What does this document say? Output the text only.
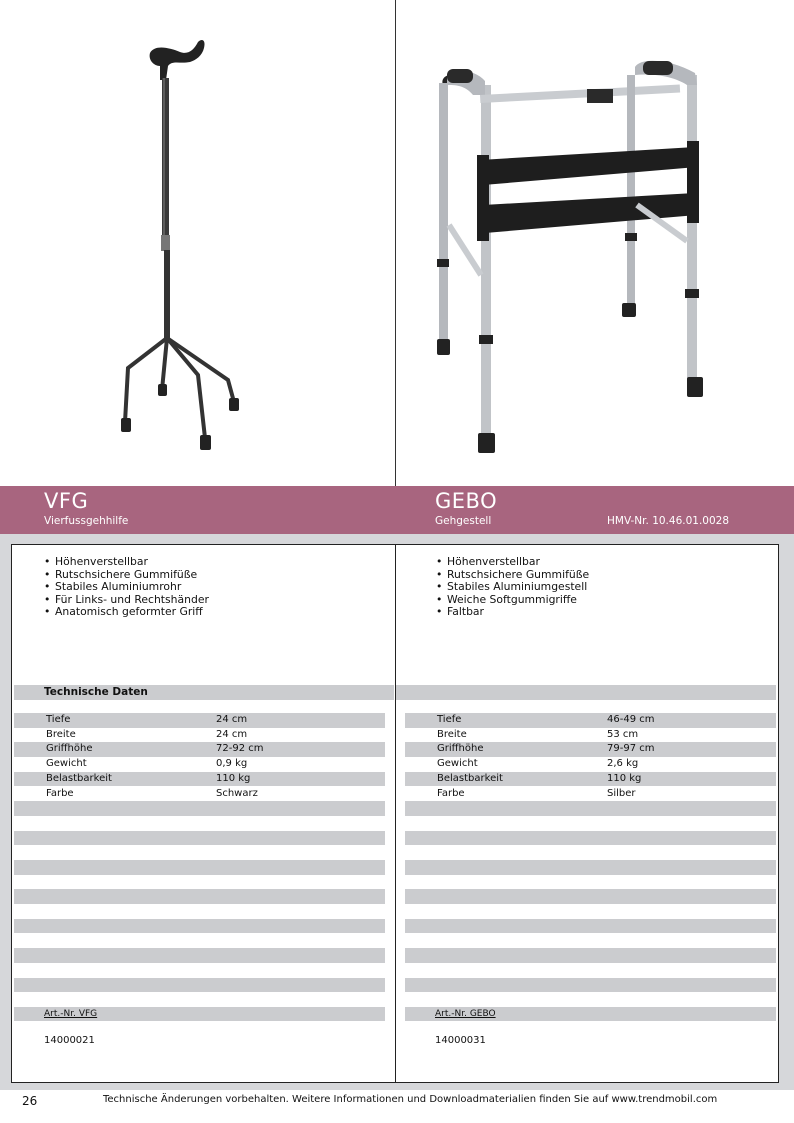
VFG
Vierfussgehhilfe
GEBO
Gehgestell	HMV-Nr. 10.46.01.0028
• Höhenverstellbar
• Rutschsichere Gummifüße
• Stabiles Aluminiumrohr
• Für Links- und Rechtshänder
• Anatomisch geformter Griff
• Höhenverstellbar
• Rutschsichere Gummifüße
• Stabiles Aluminiumgestell
• Weiche Softgummigriffe
• Faltbar
Technische Daten
Tiefe	24 cm
Breite	24 cm
Griffhöhe	72-92 cm
Gewicht	0,9 kg
Belastbarkeit	110 kg
Farbe	Schwarz
Tiefe	46-49 cm
Breite	53 cm
Griffhöhe	79-97 cm
Gewicht	2,6 kg
Belastbarkeit	110 kg
Farbe	Silber
Art.-Nr. VFG
14000021
Art.-Nr. GEBO
14000031
26	Technische Änderungen vorbehalten. Weitere Informationen und Downloadmaterialien finden Sie auf www.trendmobil.com
